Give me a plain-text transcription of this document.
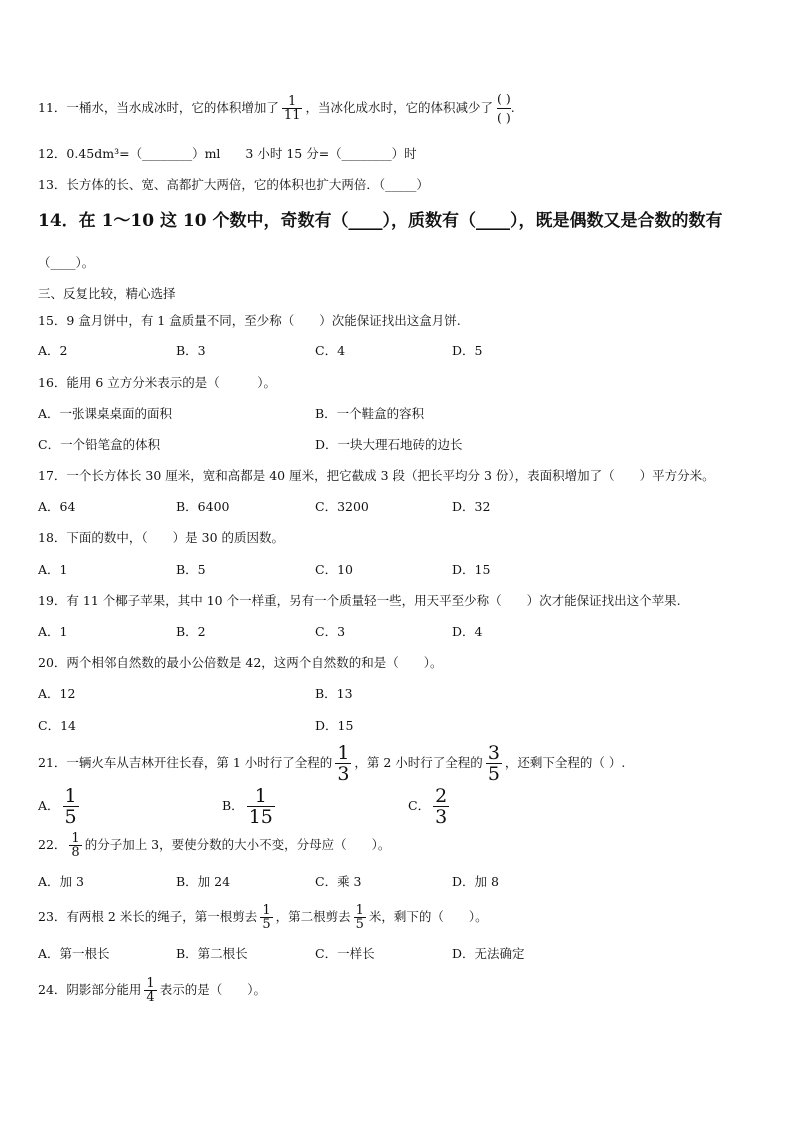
11．一桶水，当水成冰时，它的体积增加了 $\frac{1}{11}$ ，当冰化成水时，它的体积减少了 $\frac{( )}{( )}$ .
12．0.45dm³=（________）ml　　3 小时 15 分=（________）时
13．长方体的长、宽、高都扩大两倍，它的体积也扩大两倍．（_____）
14．在 1～10 这 10 个数中，奇数有（____），质数有（____），既是偶数又是合数的数有
（____）。
三、反复比较，精心选择
15．9 盒月饼中，有 1 盒质量不同，至少称（　　）次能保证找出这盒月饼.
A．2	B．3	C．4	D．5
16．能用 6 立方分米表示的是（　　　）。
A．一张课桌桌面的面积	B．一个鞋盒的容积
C．一个铅笔盒的体积	D．一块大理石地砖的边长
17．一个长方体长 30 厘米，宽和高都是 40 厘米，把它截成 3 段（把长平均分 3 份），表面积增加了（　　）平方分米。
A．64	B．6400	C．3200	D．32
18．下面的数中，（　　）是 30 的质因数。
A．1	B．5	C．10	D．15
19．有 11 个椰子苹果，其中 10 个一样重，另有一个质量轻一些，用天平至少称（　　）次才能保证找出这个苹果.
A．1	B．2	C．3	D．4
20．两个相邻自然数的最小公倍数是 42，这两个自然数的和是（　　）。
A．12	B．13
C．14	D．15
21．一辆火车从吉林开往长春，第 1 小时行了全程的 $\frac{1}{3}$ ，第 2 小时行了全程的 $\frac{3}{5}$ ，还剩下全程的（ ）.
A． $\frac{1}{5}$	B． $\frac{1}{15}$	C． $\frac{2}{3}$
22． $\frac{1}{8}$ 的分子加上 3，要使分数的大小不变，分母应（　　）。
A．加 3	B．加 24	C．乘 3	D．加 8
23．有两根 2 米长的绳子，第一根剪去 $\frac{1}{5}$ ，第二根剪去 $\frac{1}{5}$ 米，剩下的（　　）。
A．第一根长	B．第二根长	C．一样长	D．无法确定
24．阴影部分能用 $\frac{1}{4}$ 表示的是（　　）。
